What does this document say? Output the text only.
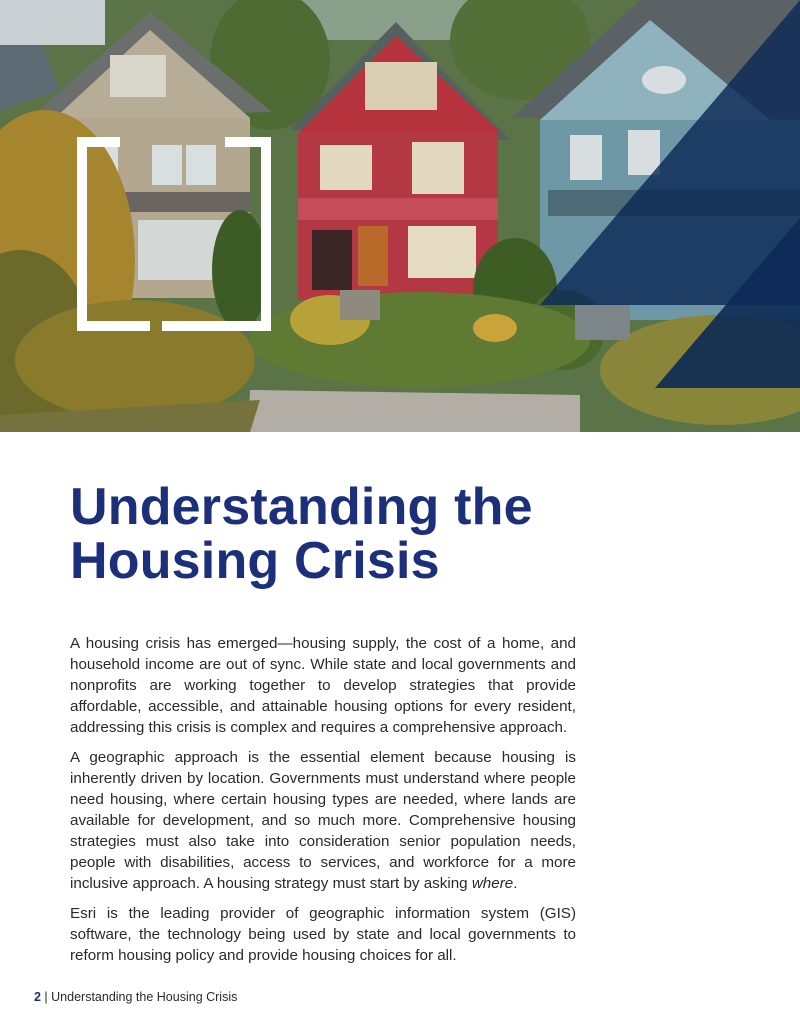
Understanding the
Housing Crisis

A housing crisis has emerged—housing supply, the cost of a home, and household income are out of sync. While state and local governments and nonprofits are working together to develop strategies that provide affordable, accessible, and attainable housing options for every resident, addressing this crisis is complex and requires a comprehensive approach.

A geographic approach is the essential element because housing is inherently driven by location. Governments must understand where people need housing, where certain housing types are needed, where lands are available for development, and so much more. Comprehensive housing strategies must also take into consideration senior population needs, people with disabilities, access to services, and workforce for a more inclusive approach. A housing strategy must start by asking where.

Esri is the leading provider of geographic information system (GIS) software, the technology being used by state and local governments to reform housing policy and provide housing choices for all.

2 | Understanding the Housing Crisis
